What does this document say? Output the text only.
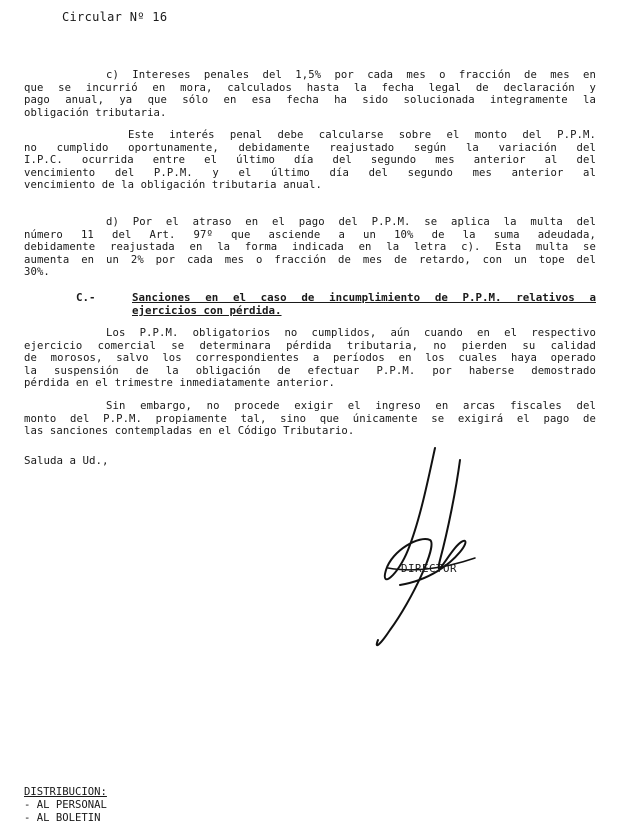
Circular Nº 16
c) Intereses penales del 1,5% por cada mes o fracción de mes en
que se incurrió en mora, calculados hasta la fecha legal de declaración y
pago anual, ya que sólo en esa fecha ha sido solucionada integramente la
obligación tributaria.
Este interés penal debe calcularse sobre el monto del P.P.M.
no cumplido oportunamente, debidamente reajustado según la variación del
I.P.C. ocurrida entre el último día del segundo mes anterior al del
vencimiento del P.P.M. y el último día del segundo mes anterior al
vencimiento de la obligación tributaria anual.
d) Por el atraso en el pago del P.P.M. se aplica la multa del
número 11 del Art. 97º que asciende a un 10% de la suma adeudada,
debidamente reajustada en la forma indicada en la letra c). Esta multa se
aumenta en un 2% por cada mes o fracción de mes de retardo, con un tope del
30%.
C.-	Sanciones en el caso de incumplimiento de P.P.M. relativos a
ejercicios con pérdida.
Los P.P.M. obligatorios no cumplidos, aún cuando en el respectivo
ejercicio comercial se determinara pérdida tributaria, no pierden su calidad
de morosos, salvo los correspondientes a períodos en los cuales haya operado
la suspensión de la obligación de efectuar P.P.M. por haberse demostrado
pérdida en el trimestre inmediatamente anterior.
Sin embargo, no procede exigir el ingreso en arcas fiscales del
monto del P.P.M. propiamente tal, sino que únicamente se exigirá el pago de
las sanciones contempladas en el Código Tributario.
Saluda a Ud.,
DIRECTOR
DISTRIBUCION:
- AL PERSONAL
- AL BOLETIN
